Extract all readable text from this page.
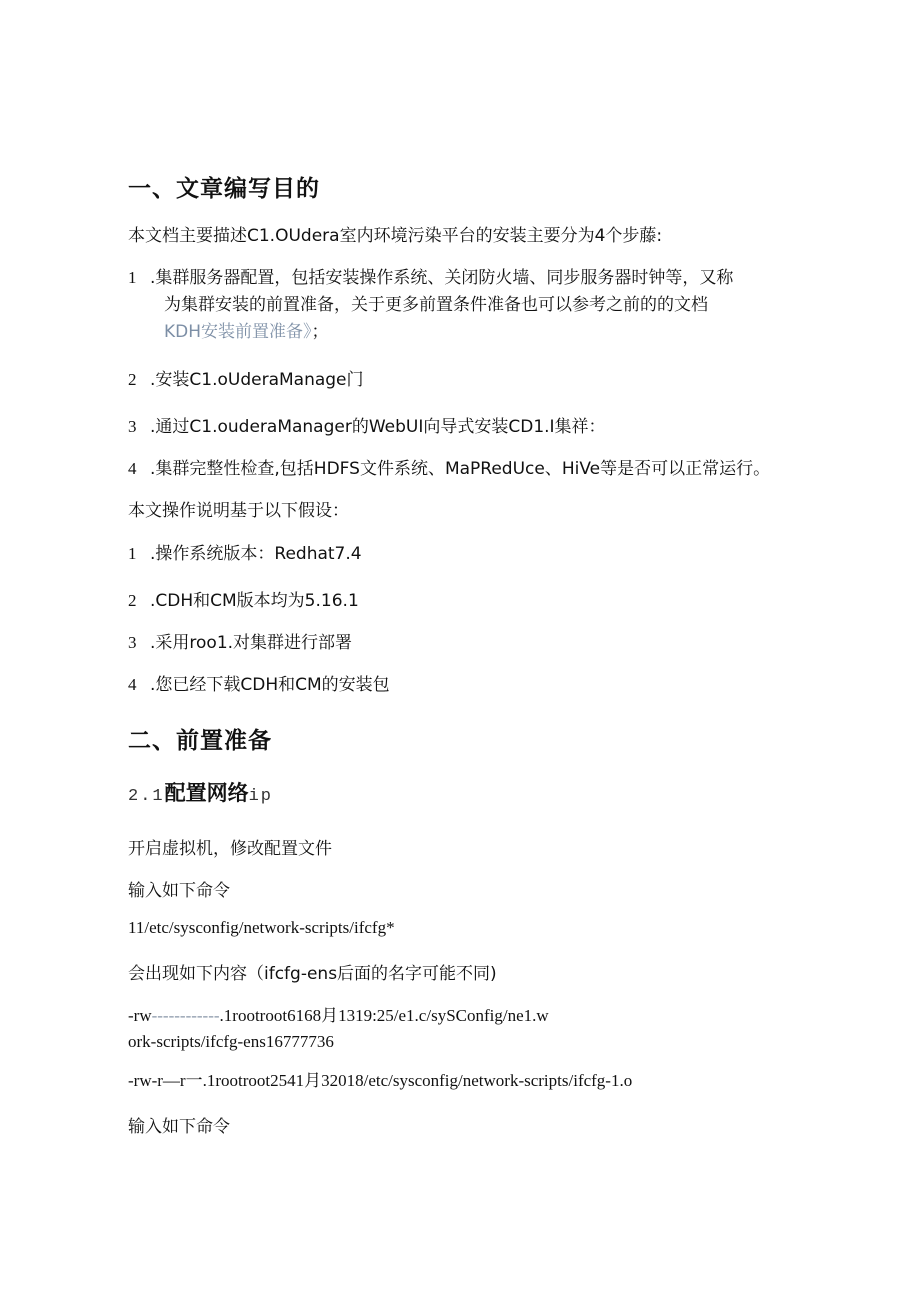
一、文章编写目的
本文档主要描述C1.OUdera室内环境污染平台的安装主要分为4个步藤:
1 .集群服务器配置，包括安装操作系统、关闭防火墙、同步服务器时钟等，又称
为集群安装的前置准备，关于更多前置条件准备也可以参考之前的的文档
KDH安装前置准备》；
2 .安装C1.oUderaManage门
3 .通过C1.ouderaManager的WebUI向导式安装CD1.I集祥：
4 .集群完整性检查,包括HDFS文件系统、MaPRedUce、HiVe等是否可以正常运行。
本文操作说明基于以下假设：
1 .操作系统版本：Redhat7.4
2 .CDH和CM版本均为5.16.1
3 .采用roo1.对集群进行部署
4 .您已经下载CDH和CM的安装包
二、前置准备
2.1配置网络ip
开启虚拟机，修改配置文件
输入如下命令
11/etc/sysconfig/network-scripts/ifcfg*
会出现如下内容（ifcfg-ens后面的名字可能不同)
-rw------------.1rootroot6168月1319:25/e1.c/sySConfig/ne1.w
ork-scripts/ifcfg-ens16777736
-rw-r—r一.1rootroot2541月32018/etc/sysconfig/network-scripts/ifcfg-1.o
输入如下命令
